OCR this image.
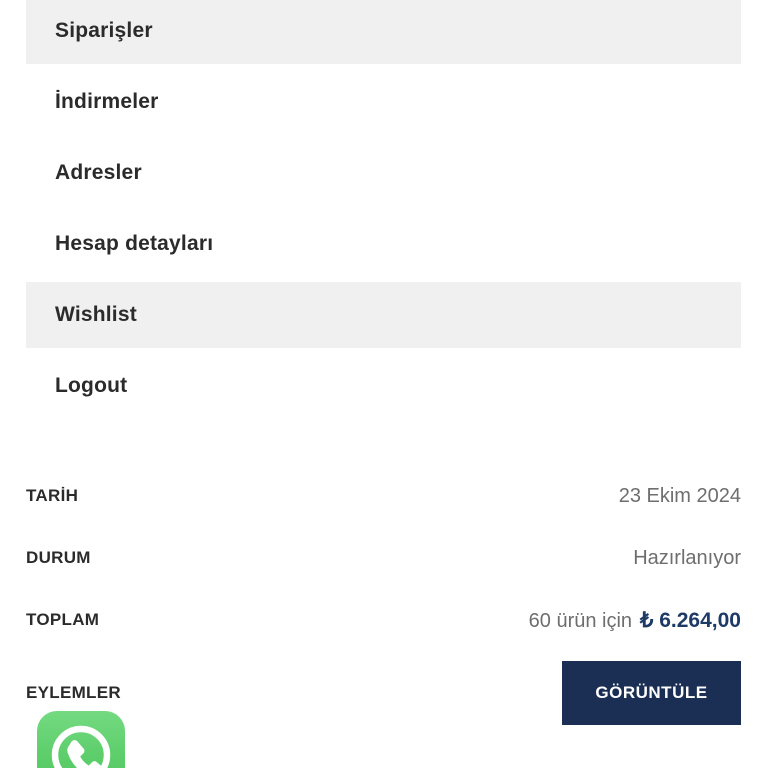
Siparişler
İndirmeler
Adresler
Hesap detayları
Wishlist
Logout
TARİH	23 Ekim 2024
DURUM	Hazırlanıyor
TOPLAM	60 ürün için ₺ 6.264,00
EYLEMLER	GÖRÜNTÜLE
